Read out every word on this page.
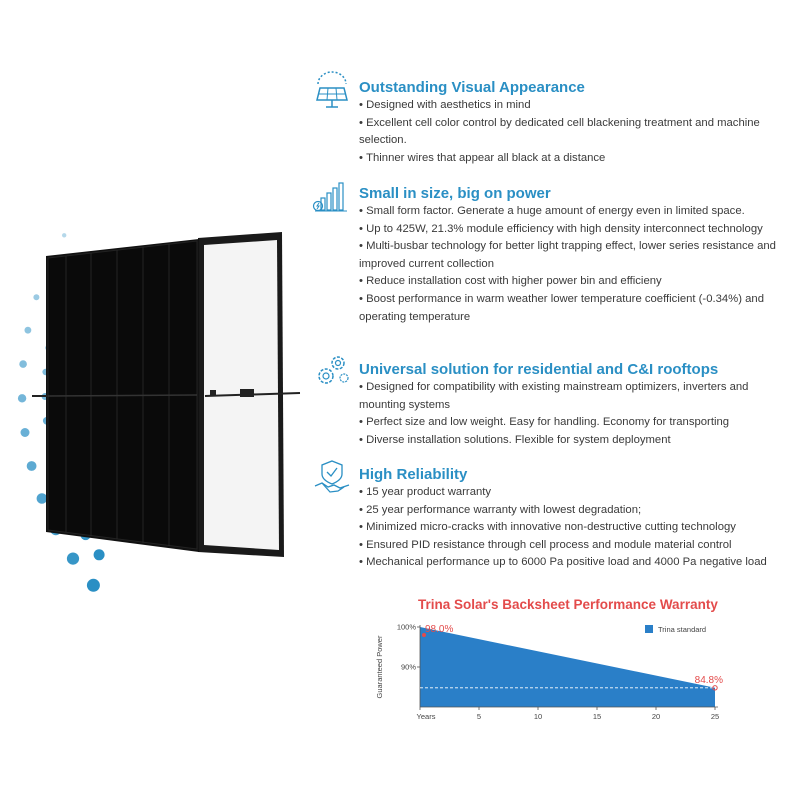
Outstanding Visual Appearance

• Designed with aesthetics in mind

• Excellent cell color control by dedicated cell blackening treatment and machine selection.

• Thinner wires that appear all black at a distance

Small in size, big on power

• Small form factor. Generate a huge amount of energy even in limited space.

• Up to 425W, 21.3% module efficiency with high density interconnect technology

• Multi-busbar technology for better light trapping effect, lower series resistance and improved current collection

• Reduce installation cost with higher power bin and efficieny

• Boost performance in warm weather lower temperature coefficient (-0.34%) and operating temperature

Universal solution for residential and C&I rooftops

• Designed for compatibility with existing mainstream optimizers, inverters and mounting systems

• Perfect size and low weight. Easy for handling. Economy for transporting

• Diverse installation solutions. Flexible for system deployment

High Reliability

• 15 year product warranty

• 25 year performance warranty with lowest degradation;

• Minimized micro-cracks with innovative non-destructive cutting technology

• Ensured PID resistance through cell process and module material control

• Mechanical performance up to 6000 Pa positive load and 4000 Pa negative load

Trina Solar's Backsheet Performance Warranty
Guaranteed Power
100%
90%
Years	5	10	15	20	25
98.0%
84.8%
Trina standard
